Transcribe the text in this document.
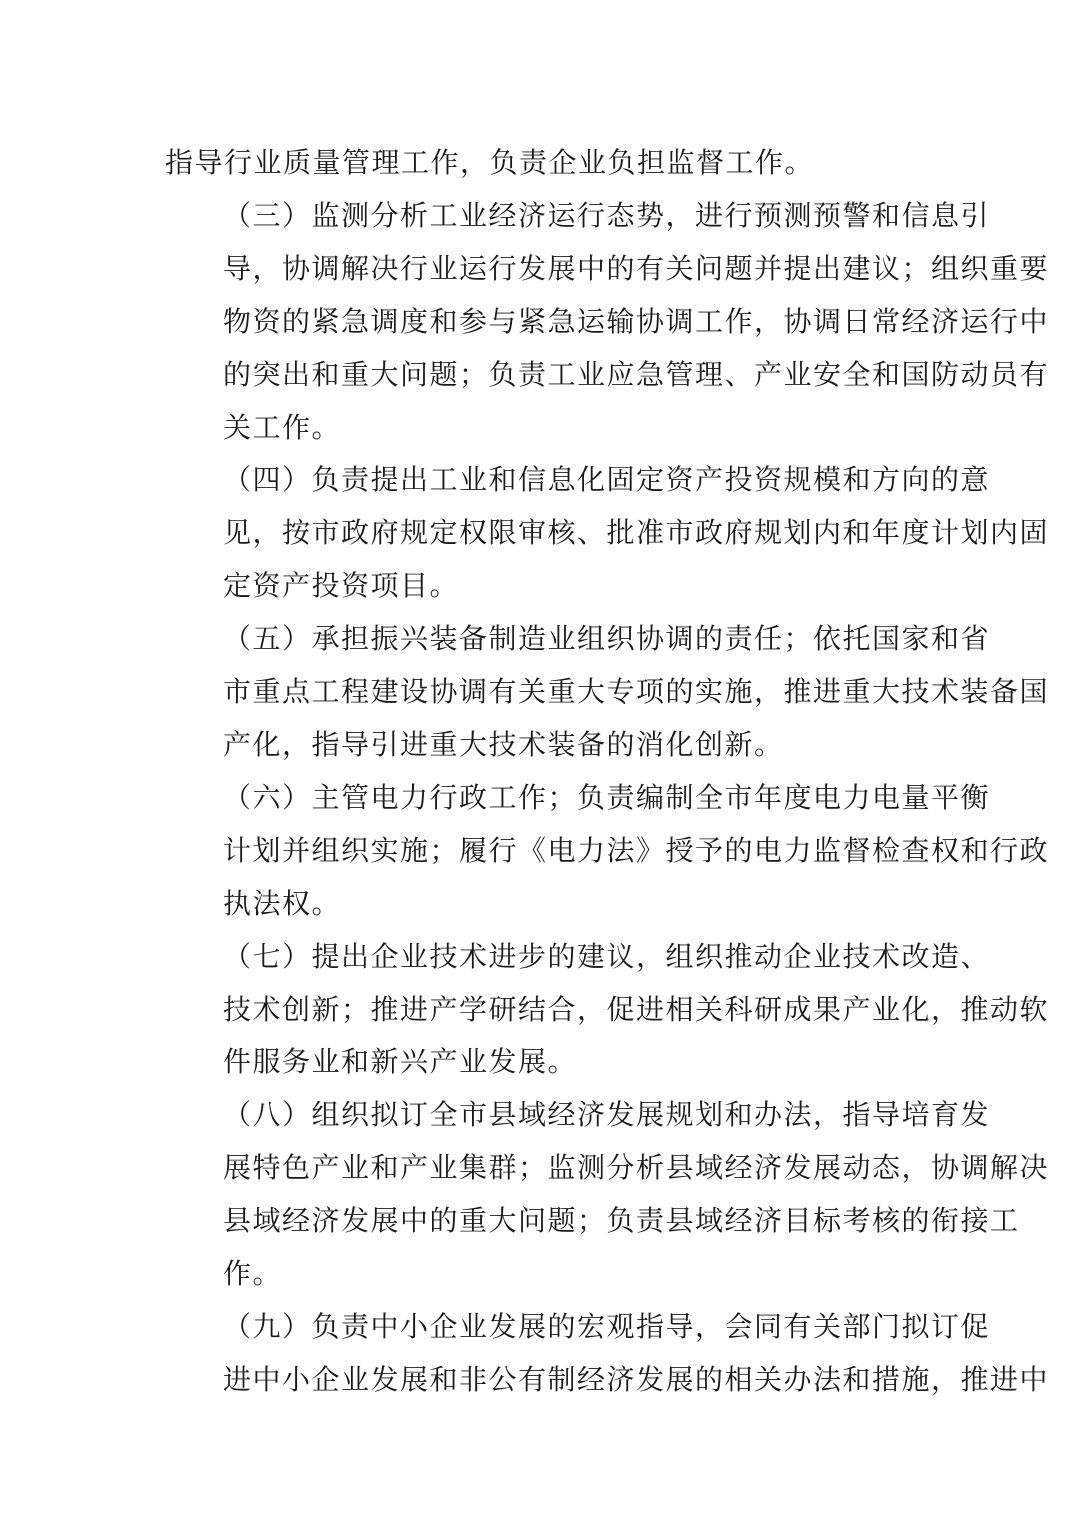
指导行业质量管理工作，负责企业负担监督工作。

（三）监测分析工业经济运行态势，进行预测预警和信息引
导，协调解决行业运行发展中的有关问题并提出建议；组织重要
物资的紧急调度和参与紧急运输协调工作，协调日常经济运行中
的突出和重大问题；负责工业应急管理、产业安全和国防动员有
关工作。

（四）负责提出工业和信息化固定资产投资规模和方向的意
见，按市政府规定权限审核、批准市政府规划内和年度计划内固
定资产投资项目。

（五）承担振兴装备制造业组织协调的责任；依托国家和省
市重点工程建设协调有关重大专项的实施，推进重大技术装备国
产化，指导引进重大技术装备的消化创新。

（六）主管电力行政工作；负责编制全市年度电力电量平衡
计划并组织实施；履行《电力法》授予的电力监督检查权和行政
执法权。

（七）提出企业技术进步的建议，组织推动企业技术改造、
技术创新；推进产学研结合，促进相关科研成果产业化，推动软
件服务业和新兴产业发展。

（八）组织拟订全市县域经济发展规划和办法，指导培育发
展特色产业和产业集群；监测分析县域经济发展动态，协调解决
县域经济发展中的重大问题；负责县域经济目标考核的衔接工
作。

（九）负责中小企业发展的宏观指导，会同有关部门拟订促
进中小企业发展和非公有制经济发展的相关办法和措施，推进中
